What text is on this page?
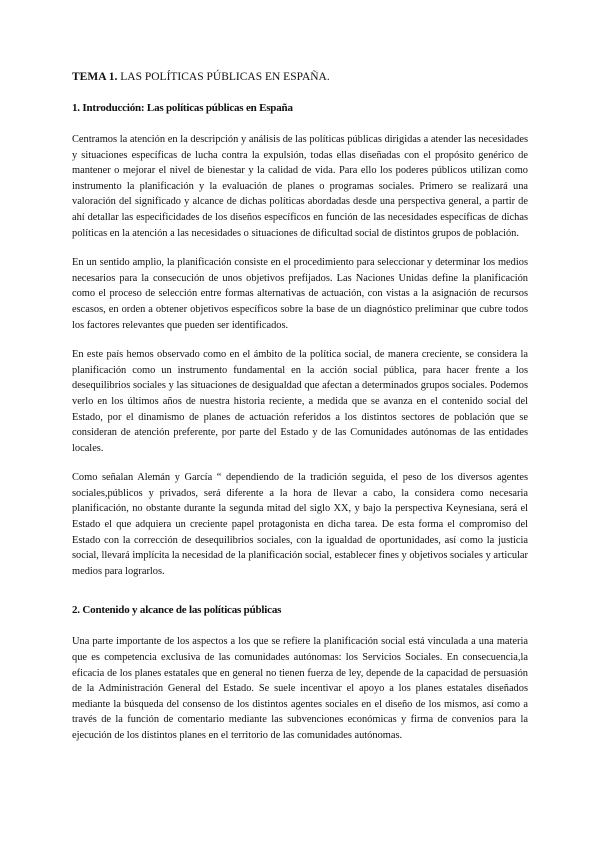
TEMA 1. LAS POLÍTICAS PÚBLICAS EN ESPAÑA.
1. Introducción: Las políticas públicas en España

Centramos la atención en la descripción y análisis de las políticas públicas dirigidas a atender las necesidades y situaciones específicas de lucha contra la expulsión, todas ellas diseñadas con el propósito genérico de mantener o mejorar el nivel de bienestar y la calidad de vida. Para ello los poderes públicos utilizan como instrumento la planificación y la evaluación de planes o programas sociales. Primero se realizará una valoración del significado y alcance de dichas políticas abordadas desde una perspectiva general, a partir de ahí detallar las especificidades de los diseños específicos en función de las necesidades específicas de dichas políticas en la atención a las necesidades o situaciones de dificultad social de distintos grupos de población.

En un sentido amplio, la planificación consiste en el procedimiento para seleccionar y determinar los medios necesarios para la consecución de unos objetivos prefijados. Las Naciones Unidas define la planificación como el proceso de selección entre formas alternativas de actuación, con vistas a la asignación de recursos escasos, en orden a obtener objetivos específicos sobre la base de un diagnóstico preliminar que cubre todos los factores relevantes que pueden ser identificados.

En este país hemos observado como en el ámbito de la política social, de manera creciente, se considera la planificación como un instrumento fundamental en la acción social pública, para hacer frente a los desequilibrios sociales y las situaciones de desigualdad que afectan a determinados grupos sociales. Podemos verlo en los últimos años de nuestra historia reciente, a medida que se avanza en el contenido social del Estado, por el dinamismo de planes de actuación referidos a los distintos sectores de población que se consideran de atención preferente, por parte del Estado y de las Comunidades autónomas de las entidades locales.

Como señalan Alemán y García “ dependiendo de la tradición seguida, el peso de los diversos agentes sociales,públicos y privados, será diferente a la hora de llevar a cabo, la considera como necesaria planificación, no obstante durante la segunda mitad del siglo XX, y bajo la perspectiva Keynesiana, será el Estado el que adquiera un creciente papel protagonista en dicha tarea. De esta forma el compromiso del Estado con la corrección de desequilibrios sociales, con la igualdad de oportunidades, así como la justicia social, llevará implícita la necesidad de la planificación social, establecer fines y objetivos sociales y articular medios para lograrlos.

2. Contenido y alcance de las políticas públicas

Una parte importante de los aspectos a los que se refiere la planificación social está vinculada a una materia que es competencia exclusiva de las comunidades autónomas: los Servicios Sociales. En consecuencia,la eficacia de los planes estatales que en general no tienen fuerza de ley, depende de la capacidad de persuasión de la Administración General del Estado. Se suele incentivar el apoyo a los planes estatales diseñados mediante la búsqueda del consenso de los distintos agentes sociales en el diseño de los mismos, así como a través de la función de comentario mediante las subvenciones económicas y firma de convenios para la ejecución de los distintos planes en el territorio de las comunidades autónomas.
